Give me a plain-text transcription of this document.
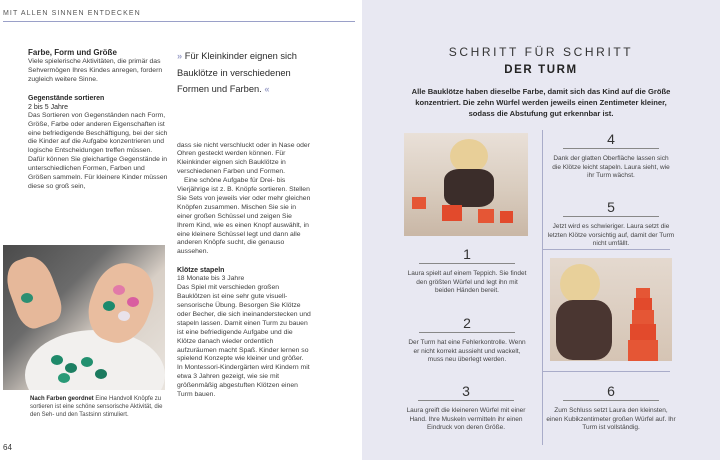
MIT ALLEN SINNEN ENTDECKEN
Farbe, Form und Größe
Viele spielerische Aktivitäten, die primär das Sehvermögen Ihres Kindes anregen, fordern zugleich weitere Sinne.
Gegenstände sortieren
2 bis 5 Jahre
Das Sortieren von Gegenständen nach Form, Größe, Farbe oder anderen Eigenschaften ist eine befriedigende Beschäftigung, bei der sich die Kinder auf die Aufgabe konzentrieren und logische Entscheidungen treffen müssen. Dafür können Sie gleichartige Gegenstände in unterschiedlichen Formen, Farben und Größen sammeln. Für kleinere Kinder müssen diese so groß sein,
» Für Kleinkinder eignen sich Bauklötze in verschiedenen Formen und Farben. «
dass sie nicht verschluckt oder in Nase oder Ohren gesteckt werden können. Für Kleinkinder eignen sich Bauklötze in verschiedenen Farben und Formen.
Eine schöne Aufgabe für Drei- bis Vierjährige ist z. B. Knöpfe sortieren. Stellen Sie Sets von jeweils vier oder mehr gleichen Knöpfen zusammen. Mischen Sie sie in einer großen Schüssel und zeigen Sie Ihrem Kind, wie es einen Knopf auswählt, in eine kleinere Schüssel legt und dann alle anderen Knöpfe sucht, die genauso aussehen.
Klötze stapeln
18 Monate bis 3 Jahre
Das Spiel mit verschieden großen Bauklötzen ist eine sehr gute visuell-sensorische Übung. Besorgen Sie Klötze oder Becher, die sich ineinanderstecken und stapeln lassen. Damit einen Turm zu bauen ist eine befriedigende Aufgabe und die Klötze danach wieder ordentlich aufzuräumen macht Spaß. Kinder lernen so spielend Konzepte wie kleiner und größer. In Montessori-Kindergärten wird Kindern mit etwa 3 Jahren gezeigt, wie sie mit größenmäßig abgestuften Klötzen einen Turm bauen.
Nach Farben geordnet Eine Handvoll Knöpfe zu sortieren ist eine schöne sensorische Aktivität, die den Seh- und den Tastsinn stimuliert.
64
SCHRITT FÜR SCHRITT
DER TURM
Alle Bauklötze haben dieselbe Farbe, damit sich das Kind auf die Größe konzentriert. Die zehn Würfel werden jeweils einen Zentimeter kleiner, sodass die Abstufung gut erkennbar ist.
1
Laura spielt auf einem Teppich. Sie findet den größten Würfel und legt ihn mit beiden Händen bereit.
2
Der Turm hat eine Fehlerkontrolle. Wenn er nicht korrekt aussieht und wackelt, muss neu überlegt werden.
3
Laura greift die kleineren Würfel mit einer Hand. Ihre Muskeln vermitteln ihr einen Eindruck von deren Größe.
4
Dank der glatten Oberfläche lassen sich die Klötze leicht stapeln. Laura sieht, wie ihr Turm wächst.
5
Jetzt wird es schwieriger. Laura setzt die letzten Klötze vorsichtig auf, damit der Turm nicht umfällt.
6
Zum Schluss setzt Laura den kleinsten, einen Kubikzentimeter großen Würfel auf. Ihr Turm ist vollständig.
